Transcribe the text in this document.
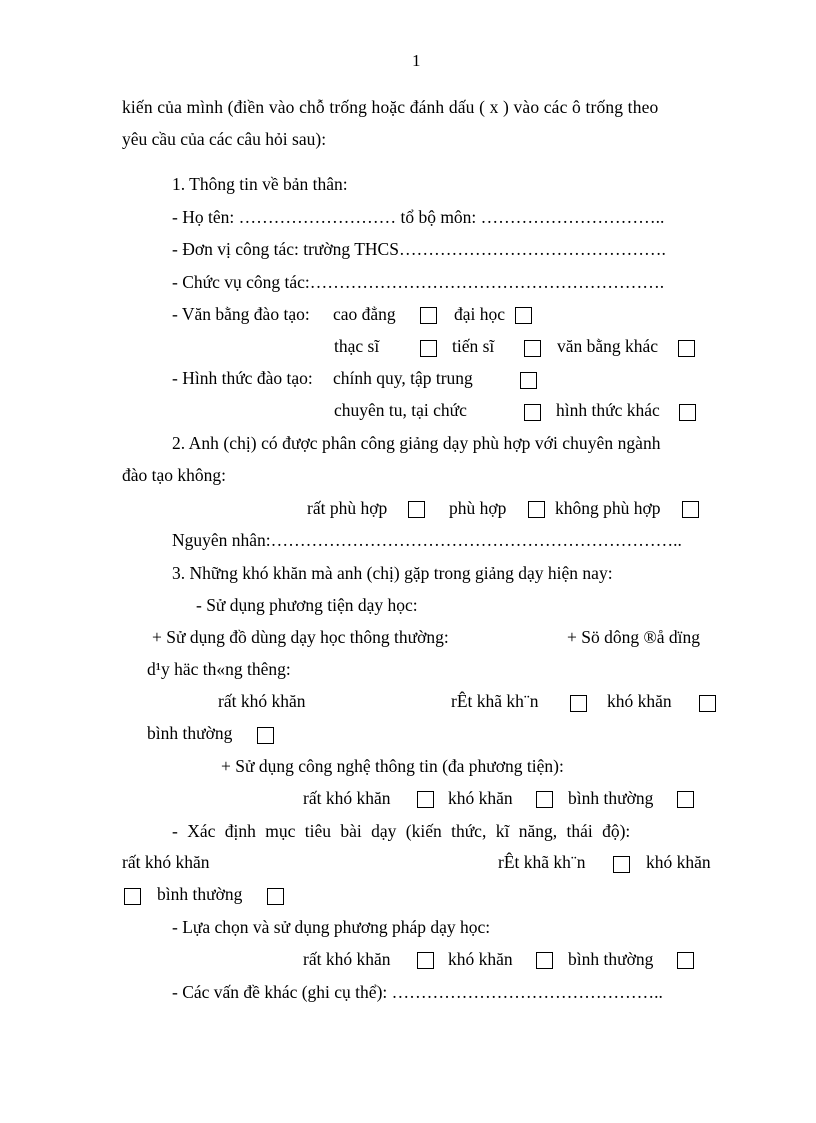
1
kiến của mình (điền vào chỗ trống hoặc đánh dấu ( x ) vào các ô trống theo
yêu cầu của các câu hỏi sau):
1. Thông tin về bản thân:
- Họ tên: ……………………… tổ bộ môn: …………………………..
- Đơn vị công tác: trường THCS……………………………………….
- Chức vụ công tác:…………………………………………………….
- Văn bằng đào tạo: cao đẳng	đại học
thạc sĩ	tiến sĩ	văn bằng khác
- Hình thức đào tạo: chính quy, tập trung
chuyên tu, tại chức	hình thức khác
2. Anh (chị) có được phân công giảng dạy phù hợp với chuyên ngành
đào tạo không:
rất phù hợp	phù hợp	không phù hợp
Nguyên nhân:……………………………………………………………..
3. Những khó khăn mà anh (chị) gặp trong giảng dạy hiện nay:
- Sử dụng phương tiện dạy học:
+ Sử dụng đồ dùng dạy học thông thường:	+ Sö dông ®å dïng
d¹y häc th«ng thêng:
rất khó khăn	rÊt khã kh¨n	khó khăn
bình thường
+ Sử dụng công nghệ thông tin (đa phương tiện):
rất khó khăn	khó khăn	bình thường
- Xác định mục tiêu bài dạy (kiến thức, kĩ năng, thái độ):
rất khó khăn	rÊt khã kh¨n	khó khăn
bình thường
- Lựa chọn và sử dụng phương pháp dạy học:
rất khó khăn	khó khăn	bình thường
- Các vấn đề khác (ghi cụ thể): ………………………………………..
